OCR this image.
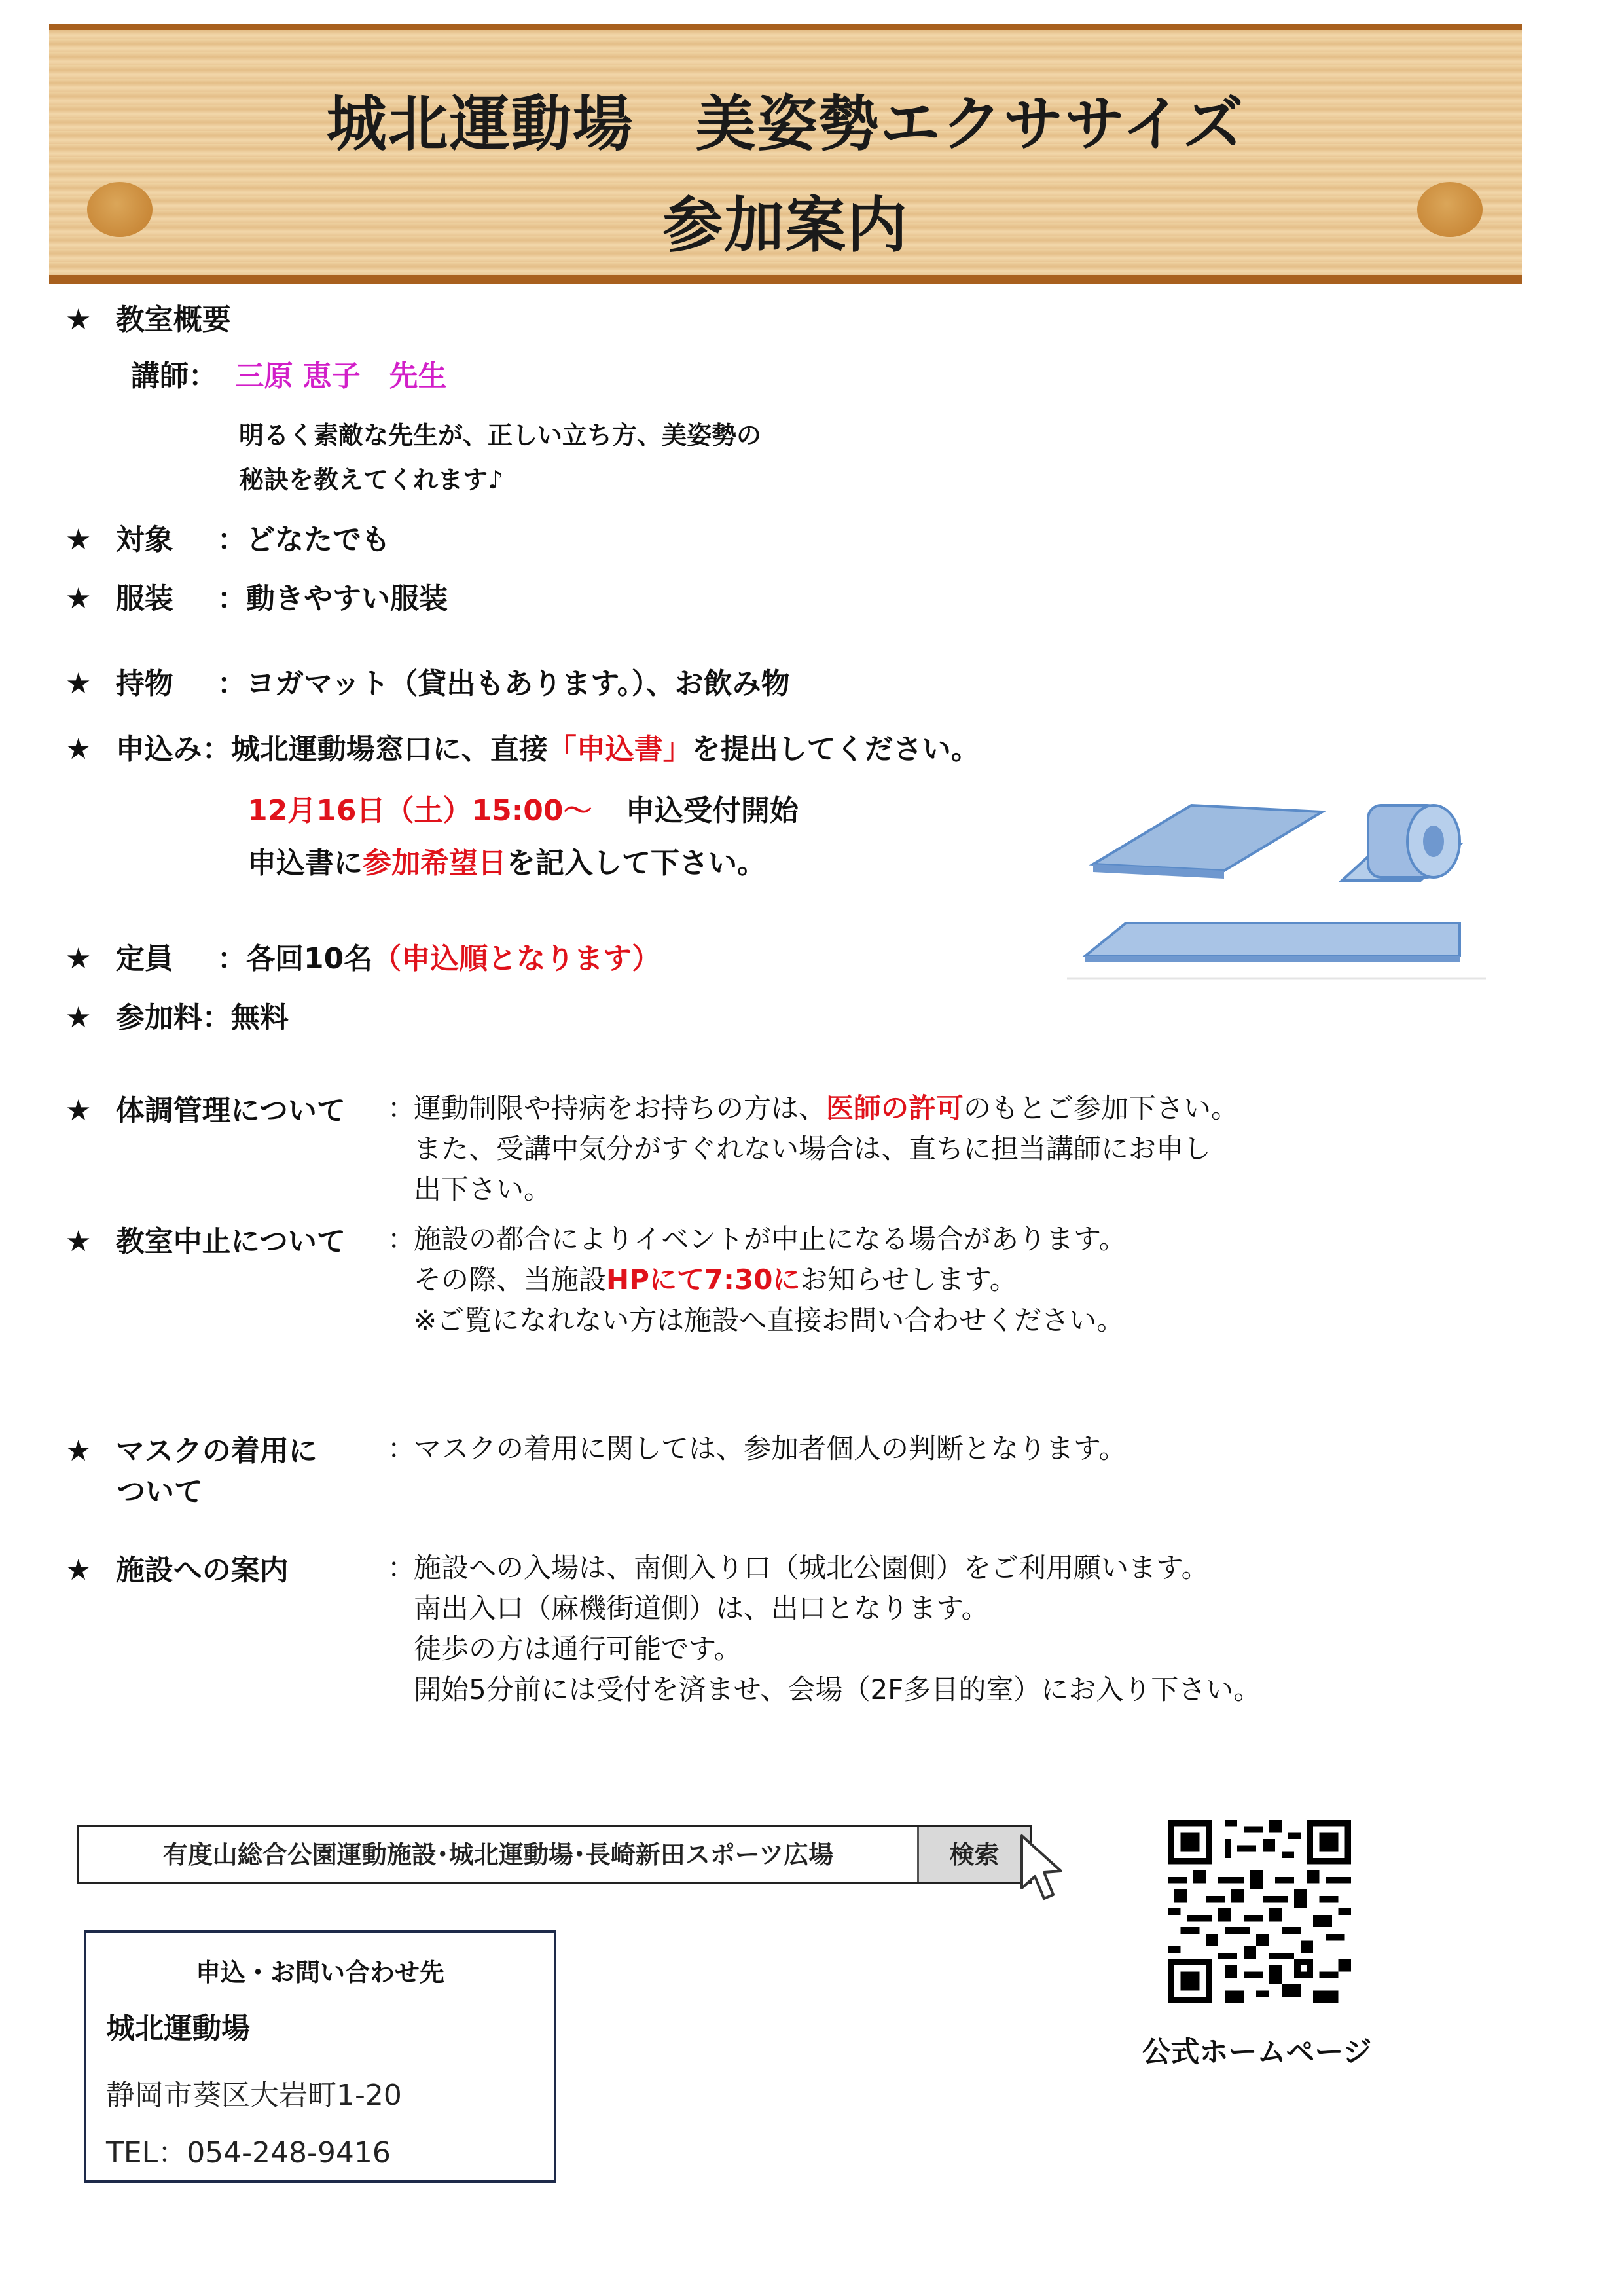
城北運動場　美姿勢エクササイズ
参加案内
★ 教室概要
講師： 三原 恵子　先生
明るく素敵な先生が、正しい立ち方、美姿勢の
秘訣を教えてくれます♪
★ 対象 ：どなたでも
★ 服装 ：動きやすい服装
★ 持物 ：ヨガマット（貸出もあります。）、お飲み物
★ 申込み：城北運動場窓口に、直接「申込書」を提出してください。
12月16日（土）15:00～ 申込受付開始
申込書に参加希望日を記入して下さい。
★ 定員 ：各回10名（申込順となります）
★ 参加料：無料
★ 体調管理について ：
運動制限や持病をお持ちの方は、医師の許可のもとご参加下さい。
また、受講中気分がすぐれない場合は、直ちに担当講師にお申し
出下さい。
★ 教室中止について ：
施設の都合によりイベントが中止になる場合があります。
その際、当施設HPにて7:30にお知らせします。
※ご覧になれない方は施設へ直接お問い合わせください。
★ マスクの着用に
ついて
：
マスクの着用に関しては、参加者個人の判断となります。
★ 施設への案内	：
施設への入場は、南側入り口（城北公園側）をご利用願います。
南出入口（麻機街道側）は、出口となります。
徒歩の方は通行可能です。
開始5分前には受付を済ませ、会場（2F多目的室）にお入り下さい。
有度山総合公園運動施設･城北運動場･長崎新田スポーツ広場	検索
申込・お問い合わせ先
城北運動場
静岡市葵区大岩町1-20
TEL：054-248-9416
公式ホームページ
